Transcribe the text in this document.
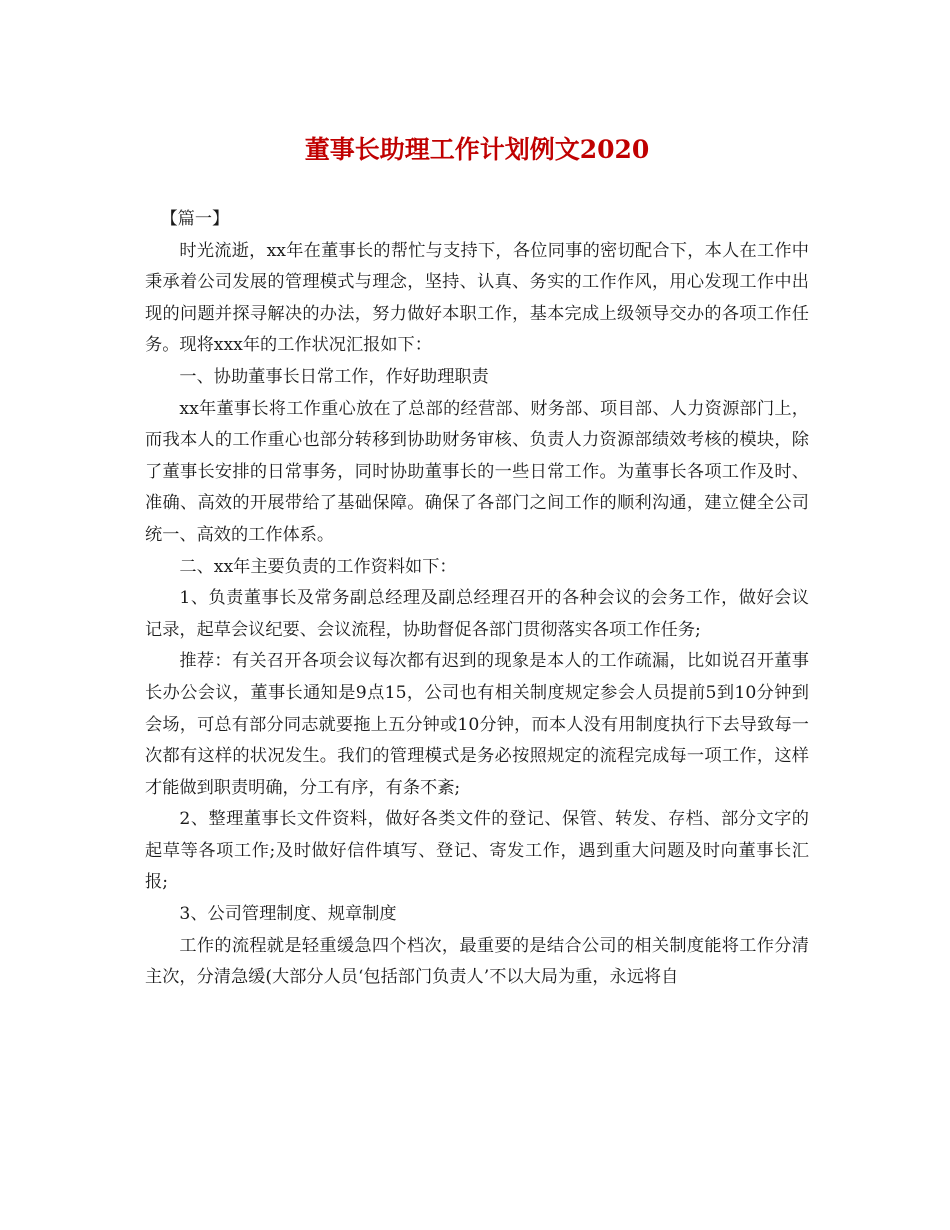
董事长助理工作计划例文2020

【篇一】

时光流逝，xx年在董事长的帮忙与支持下，各位同事的密切配合下，本人在工作中秉承着公司发展的管理模式与理念，坚持、认真、务实的工作作风，用心发现工作中出现的问题并探寻解决的办法，努力做好本职工作，基本完成上级领导交办的各项工作任务。现将xxx年的工作状况汇报如下：

一、协助董事长日常工作，作好助理职责

xx年董事长将工作重心放在了总部的经营部、财务部、项目部、人力资源部门上，而我本人的工作重心也部分转移到协助财务审核、负责人力资源部绩效考核的模块，除了董事长安排的日常事务，同时协助董事长的一些日常工作。为董事长各项工作及时、准确、高效的开展带给了基础保障。确保了各部门之间工作的顺利沟通，建立健全公司统一、高效的工作体系。

二、xx年主要负责的工作资料如下：

1、负责董事长及常务副总经理及副总经理召开的各种会议的会务工作，做好会议记录，起草会议纪要、会议流程，协助督促各部门贯彻落实各项工作任务;

推荐：有关召开各项会议每次都有迟到的现象是本人的工作疏漏，比如说召开董事长办公会议，董事长通知是9点15，公司也有相关制度规定参会人员提前5到10分钟到会场，可总有部分同志就要拖上五分钟或10分钟，而本人没有用制度执行下去导致每一次都有这样的状况发生。我们的管理模式是务必按照规定的流程完成每一项工作，这样才能做到职责明确，分工有序，有条不紊;

2、整理董事长文件资料，做好各类文件的登记、保管、转发、存档、部分文字的起草等各项工作;及时做好信件填写、登记、寄发工作，遇到重大问题及时向董事长汇报;

3、公司管理制度、规章制度

工作的流程就是轻重缓急四个档次，最重要的是结合公司的相关制度能将工作分清主次，分清急缓(大部分人员‘包括部门负责人’不以大局为重，永远将自
